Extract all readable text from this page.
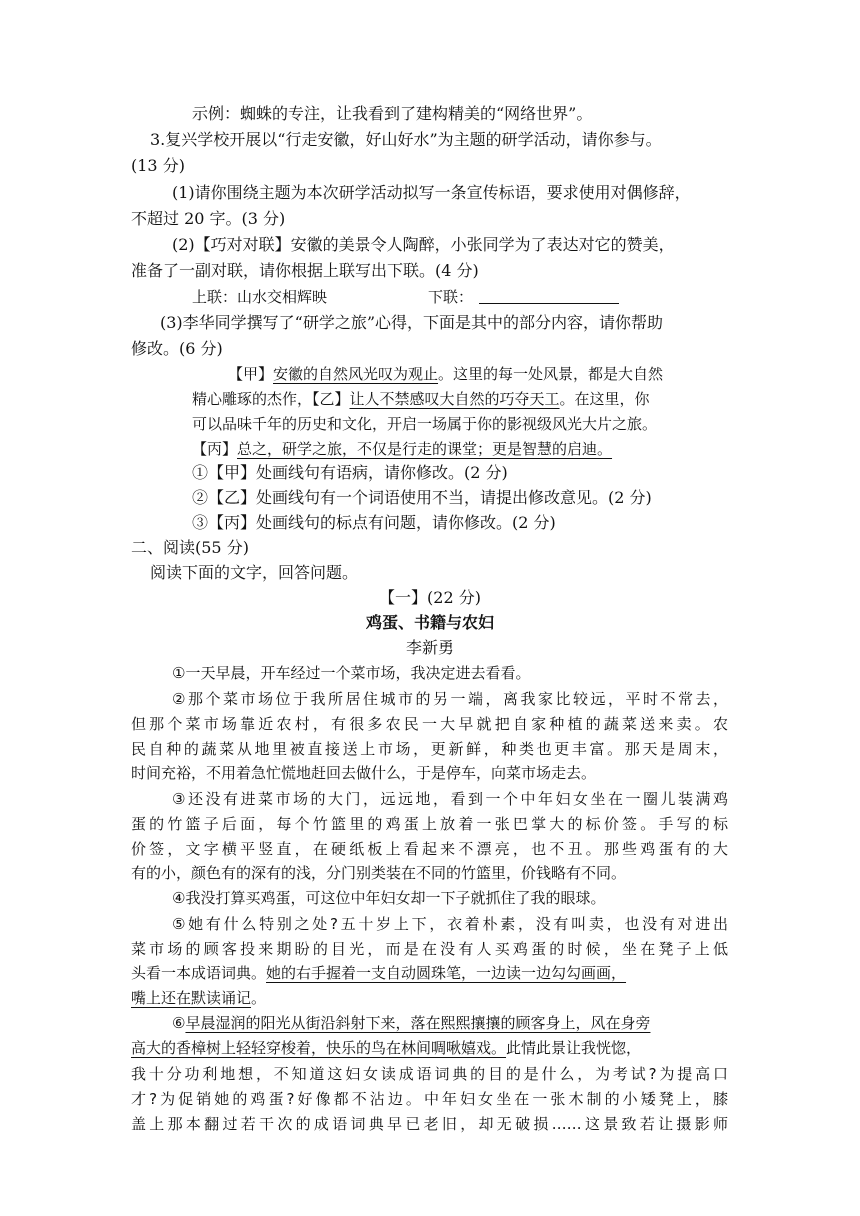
示例：蜘蛛的专注，让我看到了建构精美的“网络世界”。
3.复兴学校开展以“行走安徽，好山好水”为主题的研学活动，请你参与。
(13 分)
(1)请你围绕主题为本次研学活动拟写一条宣传标语，要求使用对偶修辞，
不超过 20 字。(3 分)
(2)【巧对对联】安徽的美景令人陶醉，小张同学为了表达对它的赞美，
准备了一副对联，请你根据上联写出下联。(4 分)
上联：山水交相辉映	下联：
(3)李华同学撰写了“研学之旅”心得，下面是其中的部分内容，请你帮助
修改。(6 分)
【甲】安徽的自然风光叹为观止。这里的每一处风景，都是大自然
精心雕琢的杰作，【乙】让人不禁感叹大自然的巧夺天工。在这里，你
可以品味千年的历史和文化，开启一场属于你的影视级风光大片之旅。
【丙】总之，研学之旅，不仅是行走的课堂；更是智慧的启迪。
①【甲】处画线句有语病，请你修改。(2 分)
②【乙】处画线句有一个词语使用不当，请提出修改意见。(2 分)
③【丙】处画线句的标点有问题，请你修改。(2 分)
二、阅读(55 分)
阅读下面的文字，回答问题。
【一】(22 分)
鸡蛋、书籍与农妇
李新勇
①一天早晨，开车经过一个菜市场，我决定进去看看。
②那个菜市场位于我所居住城市的另一端，离我家比较远，平时不常去，
但那个菜市场靠近农村，有很多农民一大早就把自家种植的蔬菜送来卖。农
民自种的蔬菜从地里被直接送上市场，更新鲜，种类也更丰富。那天是周末，
时间充裕，不用着急忙慌地赶回去做什么，于是停车，向菜市场走去。
③还没有进菜市场的大门，远远地，看到一个中年妇女坐在一圈儿装满鸡
蛋的竹篮子后面，每个竹篮里的鸡蛋上放着一张巴掌大的标价签。手写的标
价签，文字横平竖直，在硬纸板上看起来不漂亮，也不丑。那些鸡蛋有的大
有的小，颜色有的深有的浅，分门别类装在不同的竹篮里，价钱略有不同。
④我没打算买鸡蛋，可这位中年妇女却一下子就抓住了我的眼球。
⑤她有什么特别之处?五十岁上下，衣着朴素，没有叫卖，也没有对进出
菜市场的顾客投来期盼的目光，而是在没有人买鸡蛋的时候，坐在凳子上低
头看一本成语词典。她的右手握着一支自动圆珠笔，一边读一边勾勾画画，
嘴上还在默读诵记。
⑥早晨湿润的阳光从街沿斜射下来，落在熙熙攘攘的顾客身上，风在身旁
高大的香樟树上轻轻穿梭着，快乐的鸟在林间啁啾嬉戏。此情此景让我恍惚，
我十分功利地想，不知道这妇女读成语词典的目的是什么，为考试?为提高口
才?为促销她的鸡蛋?好像都不沾边。中年妇女坐在一张木制的小矮凳上，膝
盖上那本翻过若干次的成语词典早已老旧，却无破损……这景致若让摄影师
